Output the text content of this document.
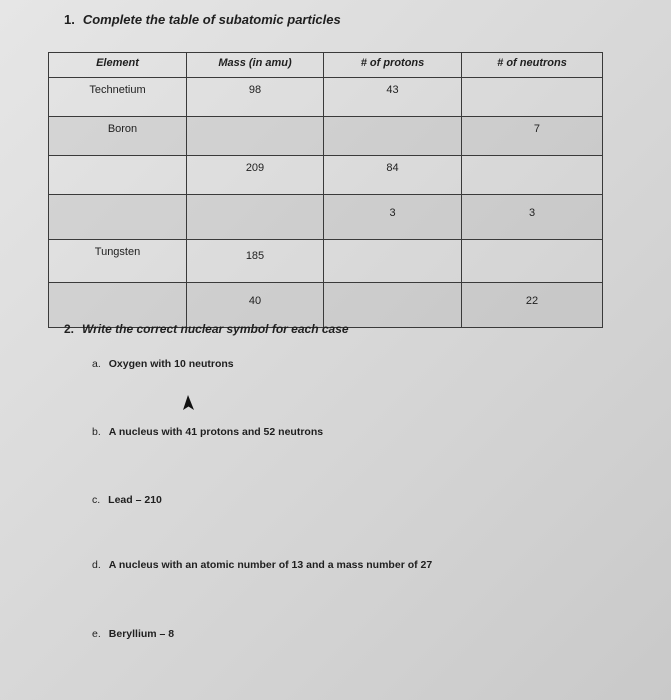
1. Complete the table of subatomic particles
Element	Mass (in amu)	# of protons	# of neutrons
Technetium	98	43	
Boron			7
	209	84	
		3	3
Tungsten	185		
	40		22
2. Write the correct nuclear symbol for each case
a. Oxygen with 10 neutrons
b. A nucleus with 41 protons and 52 neutrons
c. Lead – 210
d. A nucleus with an atomic number of 13 and a mass number of 27
e. Beryllium – 8
